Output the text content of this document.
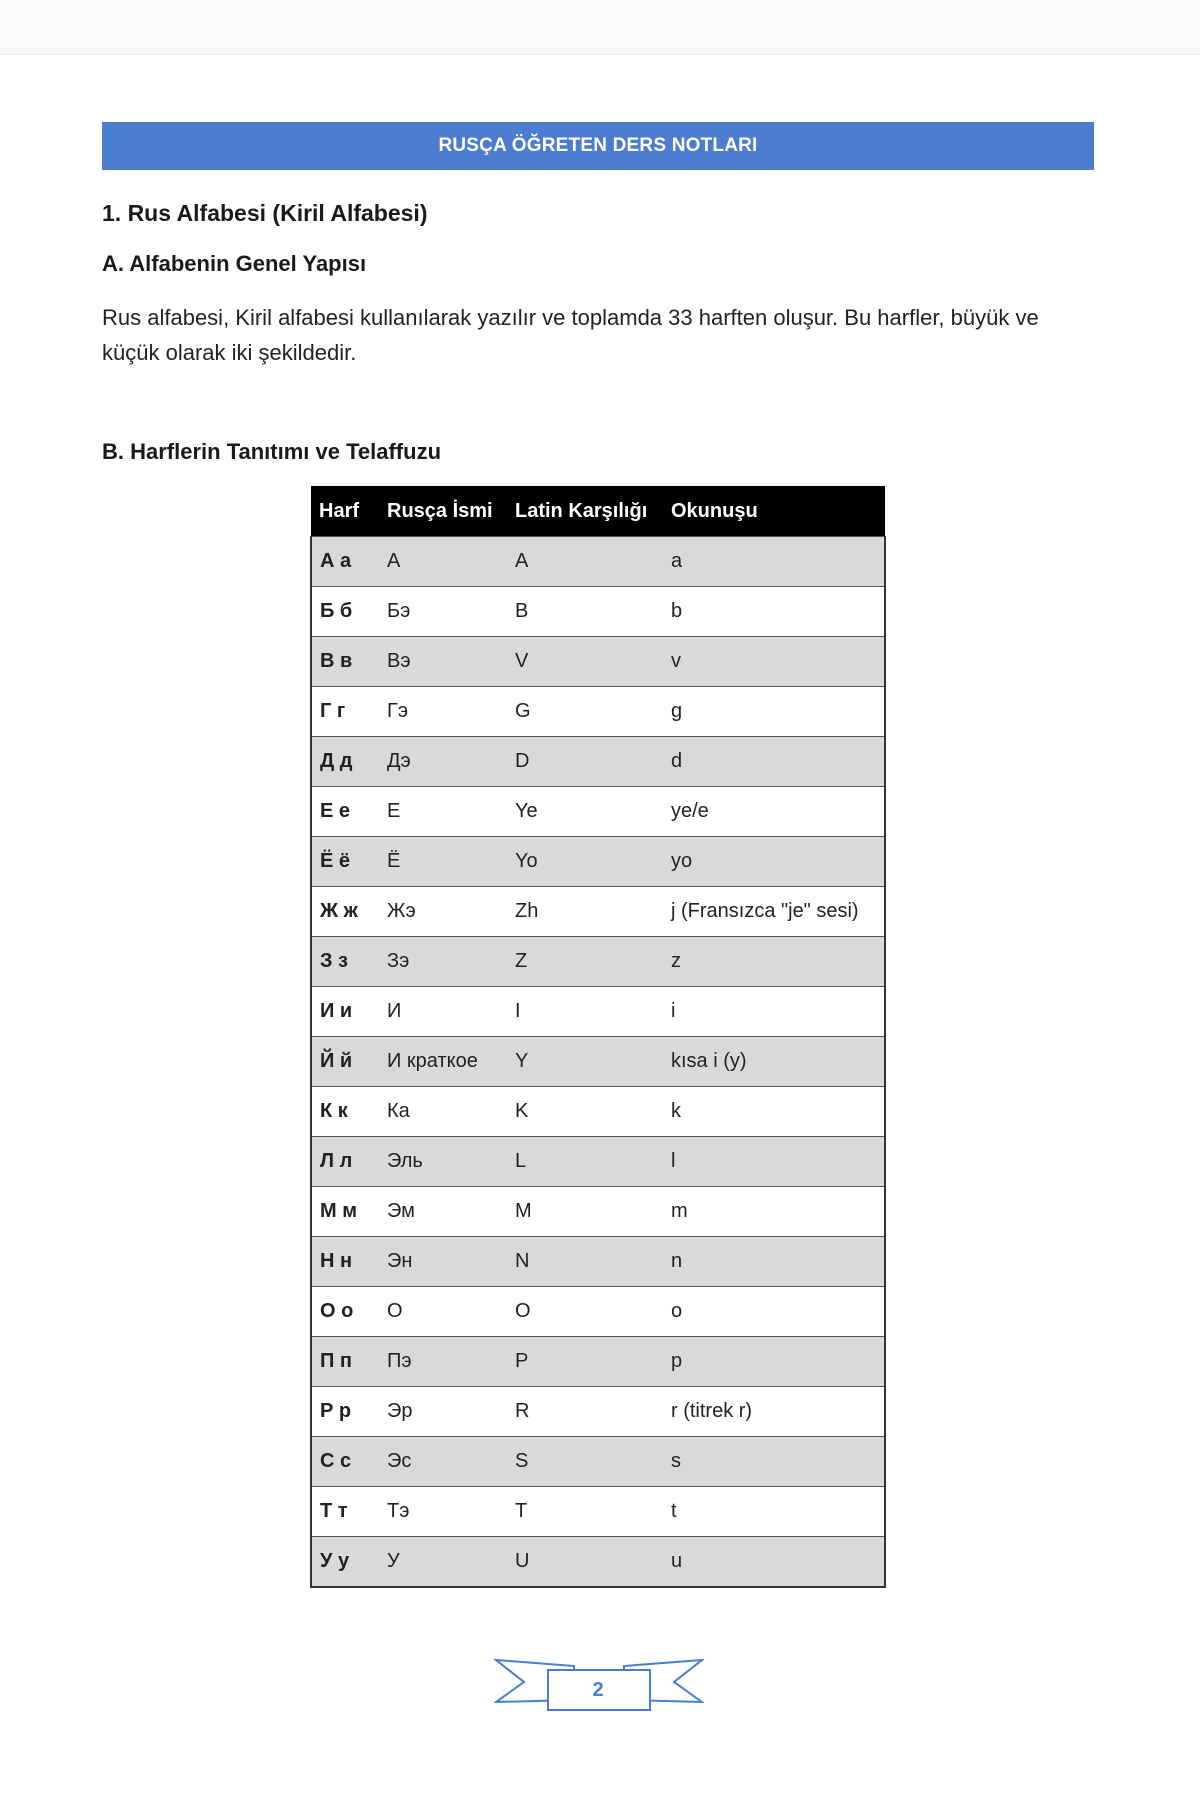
RUSÇA ÖĞRETEN DERS NOTLARI
1. Rus Alfabesi (Kiril Alfabesi)
A. Alfabenin Genel Yapısı
Rus alfabesi, Kiril alfabesi kullanılarak yazılır ve toplamda 33 harften oluşur. Bu harfler, büyük ve küçük olarak iki şekildedir.
B. Harflerin Tanıtımı ve Telaffuzu
Harf	Rusça İsmi	Latin Karşılığı	Okunuşu
А а	А	A	a
Б б	Бэ	B	b
В в	Вэ	V	v
Г г	Гэ	G	g
Д д	Дэ	D	d
Е е	Е	Ye	ye/e
Ё ё	Ё	Yo	yo
Ж ж	Жэ	Zh	j (Fransızca "je" sesi)
З з	Зэ	Z	z
И и	И	I	i
Й й	И краткое	Y	kısa i (y)
К к	Ка	K	k
Л л	Эль	L	l
М м	Эм	M	m
Н н	Эн	N	n
О о	О	O	o
П п	Пэ	P	p
Р р	Эр	R	r (titrek r)
С с	Эс	S	s
Т т	Тэ	T	t
У у	У	U	u
2
